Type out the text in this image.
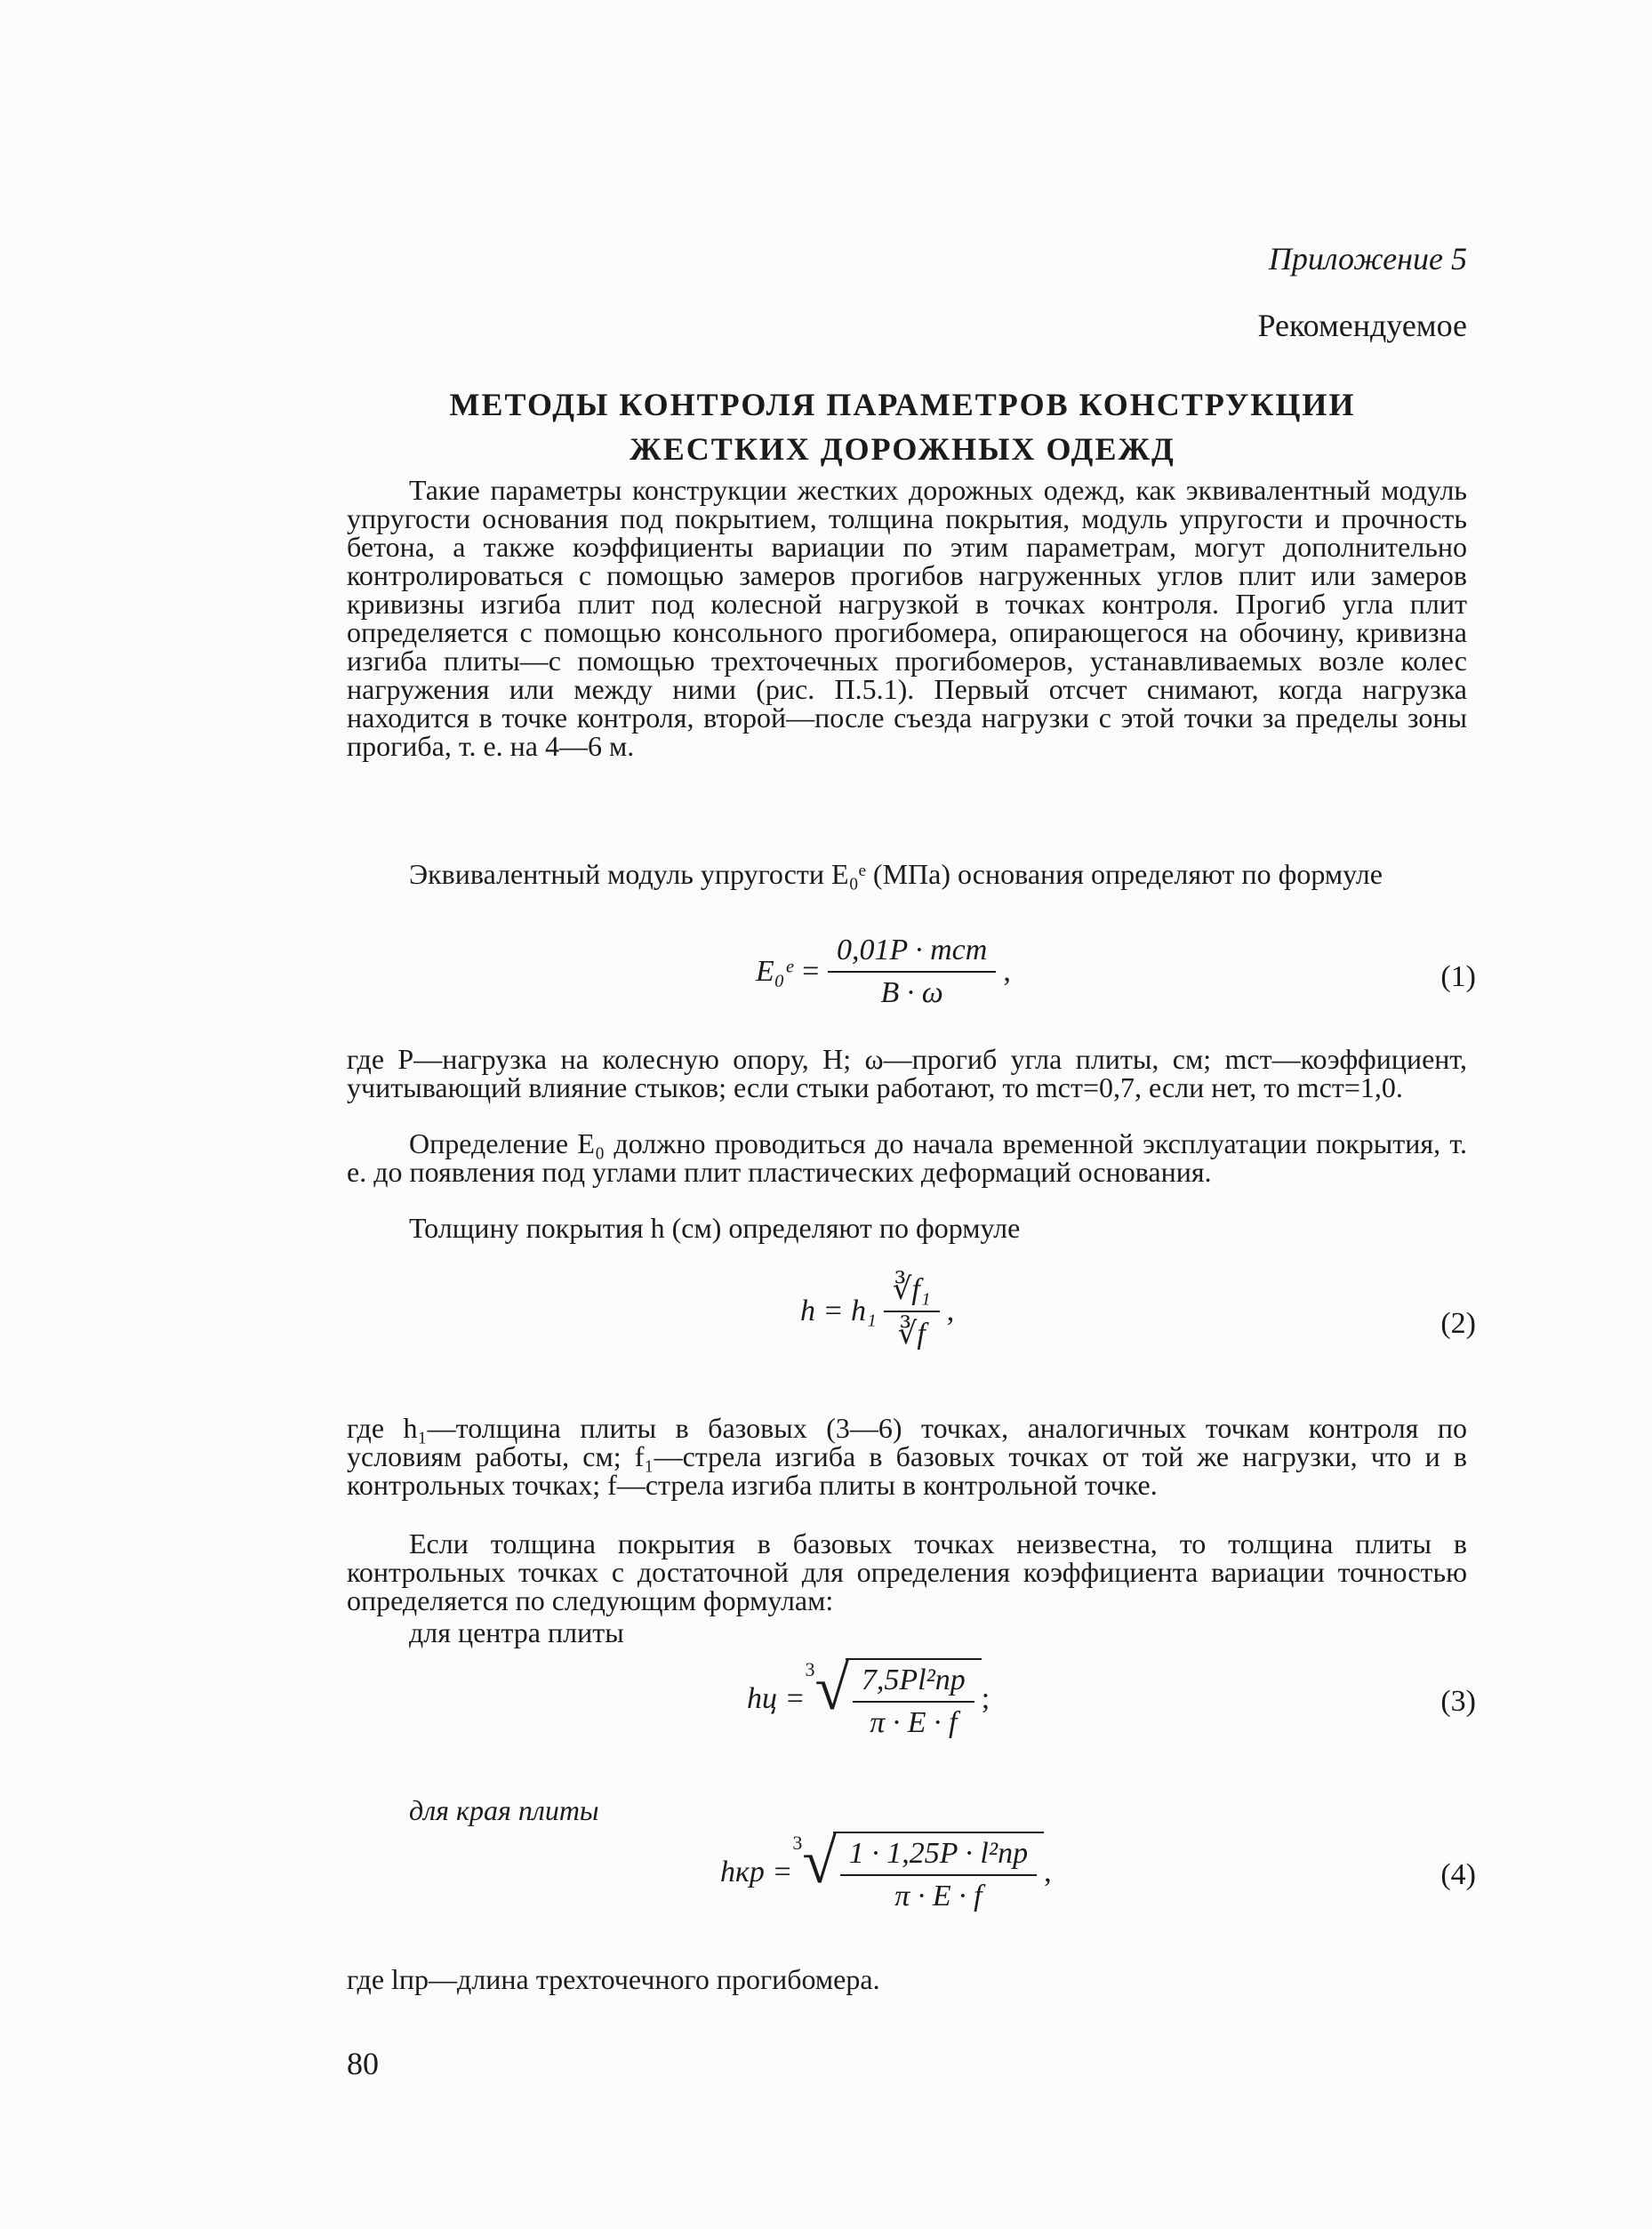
Приложение 5
Рекомендуемое
МЕТОДЫ КОНТРОЛЯ ПАРАМЕТРОВ КОНСТРУКЦИИ
ЖЕСТКИХ ДОРОЖНЫХ ОДЕЖД
Такие параметры конструкции жестких дорожных одежд, как эквивалентный модуль упругости основания под покрытием, толщина покрытия, модуль упругости и прочность бетона, а также коэффициенты вариации по этим параметрам, могут дополнительно контролироваться с помощью замеров прогибов нагруженных углов плит или замеров кривизны изгиба плит под колесной нагрузкой в точках контроля. Прогиб угла плит определяется с помощью консольного прогибомера, опирающегося на обочину, кривизна изгиба плиты—с помощью трехточечных прогибомеров, устанавливаемых возле колес нагружения или между ними (рис. П.5.1). Первый отсчет снимают, когда нагрузка находится в точке контроля, второй—после съезда нагрузки с этой точки за пределы зоны прогиба, т. е. на 4—6 м.
Эквивалентный модуль упругости E₀ᵉ (МПа) основания определяют по формуле
E₀ᵉ = $\frac{\text{0,01P · mст}}{B \cdot \omega}$ ,	(1)
где P—нагрузка на колесную опору, Н; ω—прогиб угла плиты, см; mст—коэффициент, учитывающий влияние стыков; если стыки работают, то mст=0,7, если нет, то mст=1,0.
Определение E₀ должно проводиться до начала временной эксплуатации покрытия, т. е. до появления под углами плит пластических деформаций основания.
Толщину покрытия h (см) определяют по формуле
$h = h_1 \frac{\text{∛f₁}}{∛f}$ ,	(2)
где h₁—толщина плиты в базовых (3—6) точках, аналогичных точкам контроля по условиям работы, см; f₁—стрела изгиба в базовых точках от той же нагрузки, что и в контрольных точках; f—стрела изгиба плиты в контрольной точке.
Если толщина покрытия в базовых точках неизвестна, то толщина плиты в контрольных точках с достаточной для определения коэффициента вариации точностью определяется по следующим формулам:
для центра плиты
hц =
3 √ $\frac{\text{7,5Pl²пр}}{\pi \cdot E \cdot f}$ ;	(3)
для края плиты
hкр =
3 √ $\frac{\text{1 · 1,25P · l²пр}}{\pi \cdot E \cdot f}$ ,	(4)
где lпр—длина трехточечного прогибомера.
80
